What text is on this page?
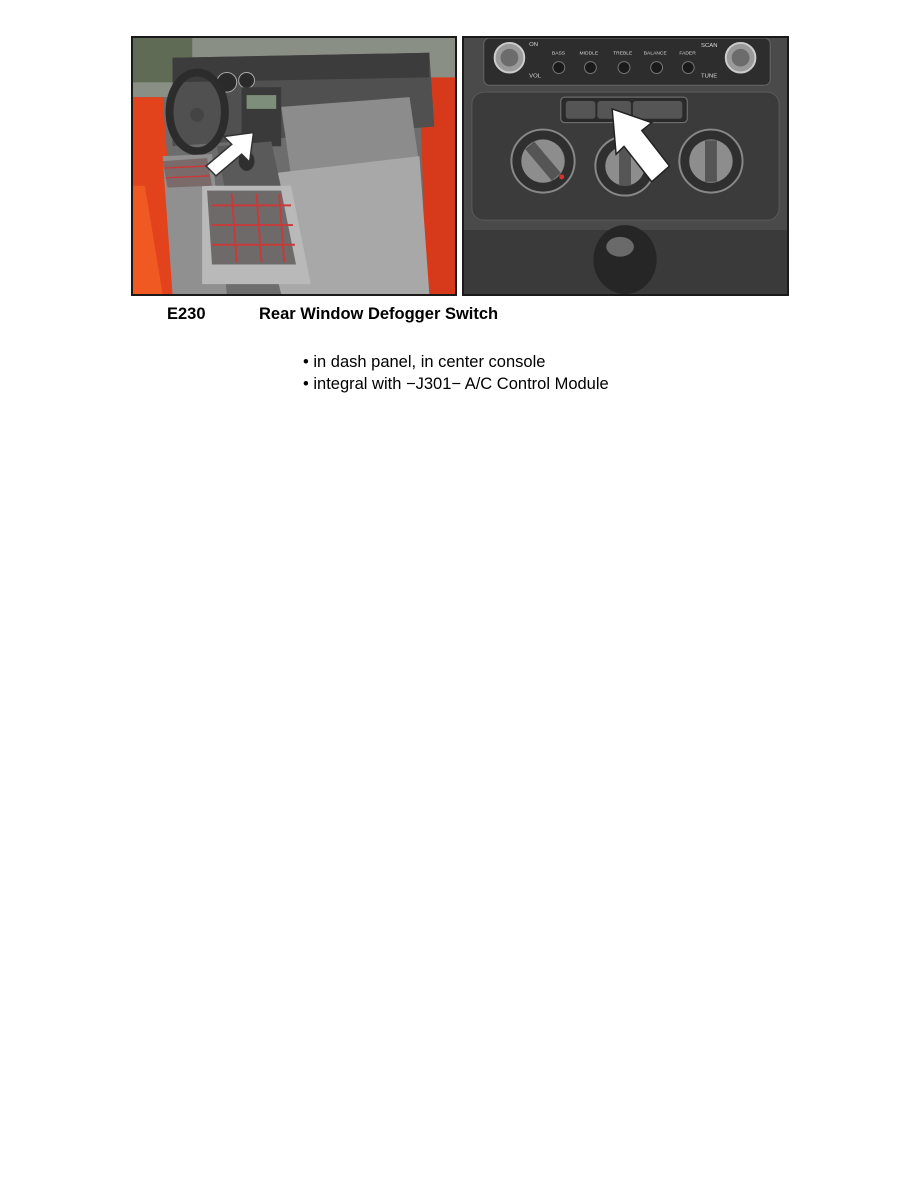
ON
VOL
BASS	MIDDLE	TREBLE BALANCE	FADER
SCAN
TUNE
E230	Rear Window Defogger Switch
• in dash panel, in center console
• integral with −J301− A/C Control Module
